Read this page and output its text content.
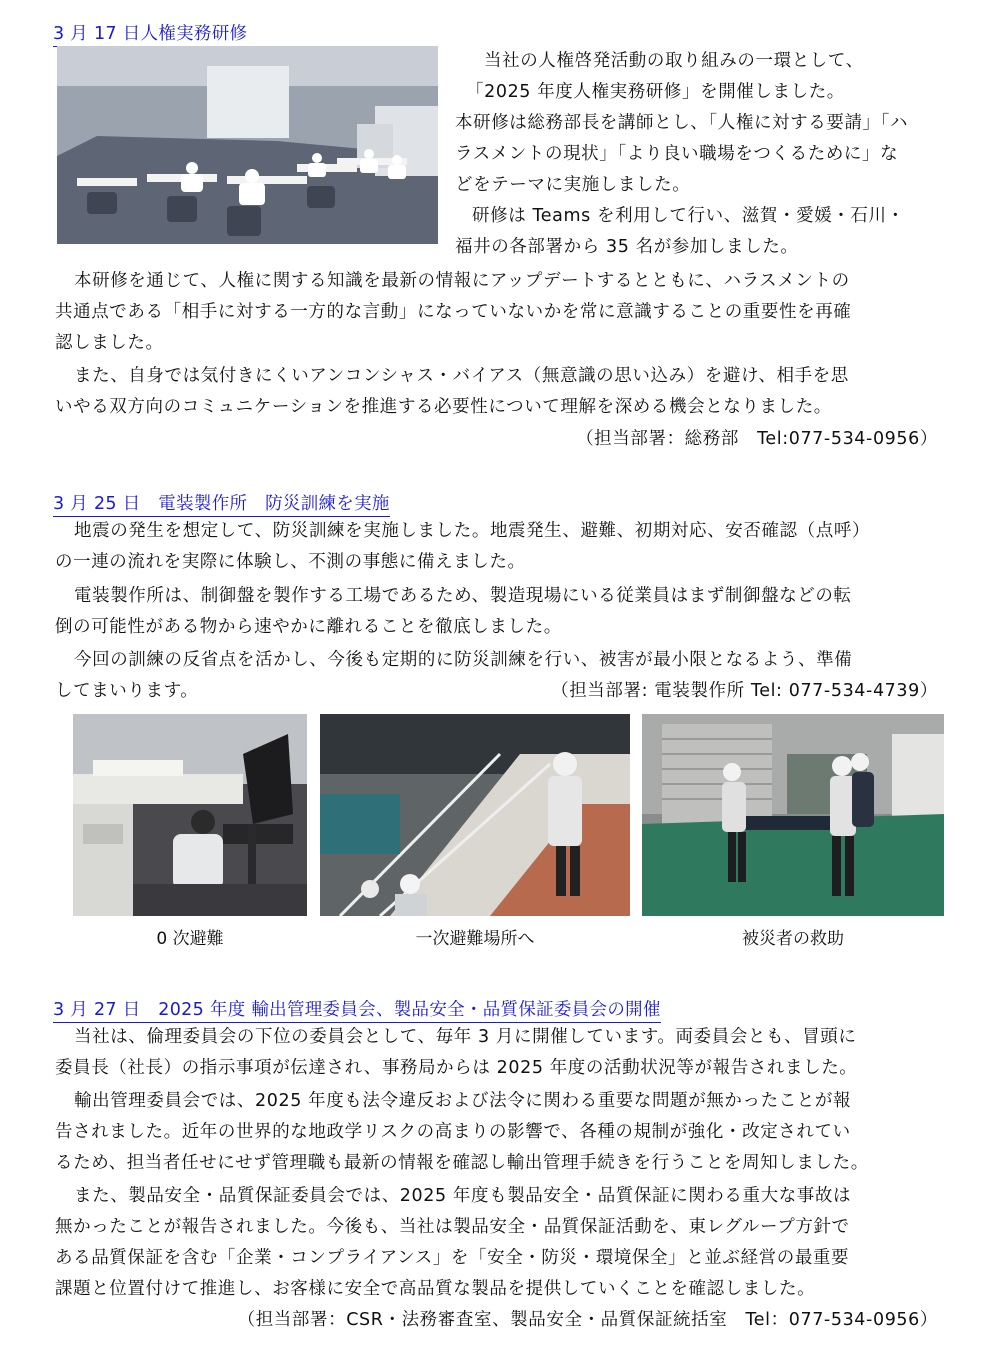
3 月 17 日人権実務研修
当社の人権啓発活動の取り組みの一環として、
「2025 年度人権実務研修」を開催しました。
本研修は総務部長を講師とし、「人権に対する要請」「ハ
ラスメントの現状」「より良い職場をつくるために」な
どをテーマに実施しました。
研修は Teams を利用して行い、滋賀・愛媛・石川・
福井の各部署から 35 名が参加しました。
本研修を通じて、人権に関する知識を最新の情報にアップデートするとともに、ハラスメントの
共通点である「相手に対する一方的な言動」になっていないかを常に意識することの重要性を再確
認しました。
また、自身では気付きにくいアンコンシャス・バイアス（無意識の思い込み）を避け、相手を思
いやる双方向のコミュニケーションを推進する必要性について理解を深める機会となりました。
（担当部署：総務部　Tel:077-534-0956）
3 月 25 日　電装製作所　防災訓練を実施
地震の発生を想定して、防災訓練を実施しました。地震発生、避難、初期対応、安否確認（点呼）
の一連の流れを実際に体験し、不測の事態に備えました。
電装製作所は、制御盤を製作する工場であるため、製造現場にいる従業員はまず制御盤などの転
倒の可能性がある物から速やかに離れることを徹底しました。
今回の訓練の反省点を活かし、今後も定期的に防災訓練を行い、被害が最小限となるよう、準備
してまいります。	（担当部署: 電装製作所 Tel: 077-534-4739）
0 次避難	一次避難場所へ	被災者の救助
3 月 27 日　2025 年度 輸出管理委員会、製品安全・品質保証委員会の開催
当社は、倫理委員会の下位の委員会として、毎年 3 月に開催しています。両委員会とも、冒頭に
委員長（社長）の指示事項が伝達され、事務局からは 2025 年度の活動状況等が報告されました。
輸出管理委員会では、2025 年度も法令違反および法令に関わる重要な問題が無かったことが報
告されました。近年の世界的な地政学リスクの高まりの影響で、各種の規制が強化・改定されてい
るため、担当者任せにせず管理職も最新の情報を確認し輸出管理手続きを行うことを周知しました。
また、製品安全・品質保証委員会では、2025 年度も製品安全・品質保証に関わる重大な事故は
無かったことが報告されました。今後も、当社は製品安全・品質保証活動を、東レグループ方針で
ある品質保証を含む「企業・コンプライアンス」を「安全・防災・環境保全」と並ぶ経営の最重要
課題と位置付けて推進し、お客様に安全で高品質な製品を提供していくことを確認しました。
（担当部署：CSR・法務審査室、製品安全・品質保証統括室　Tel：077-534-0956）
